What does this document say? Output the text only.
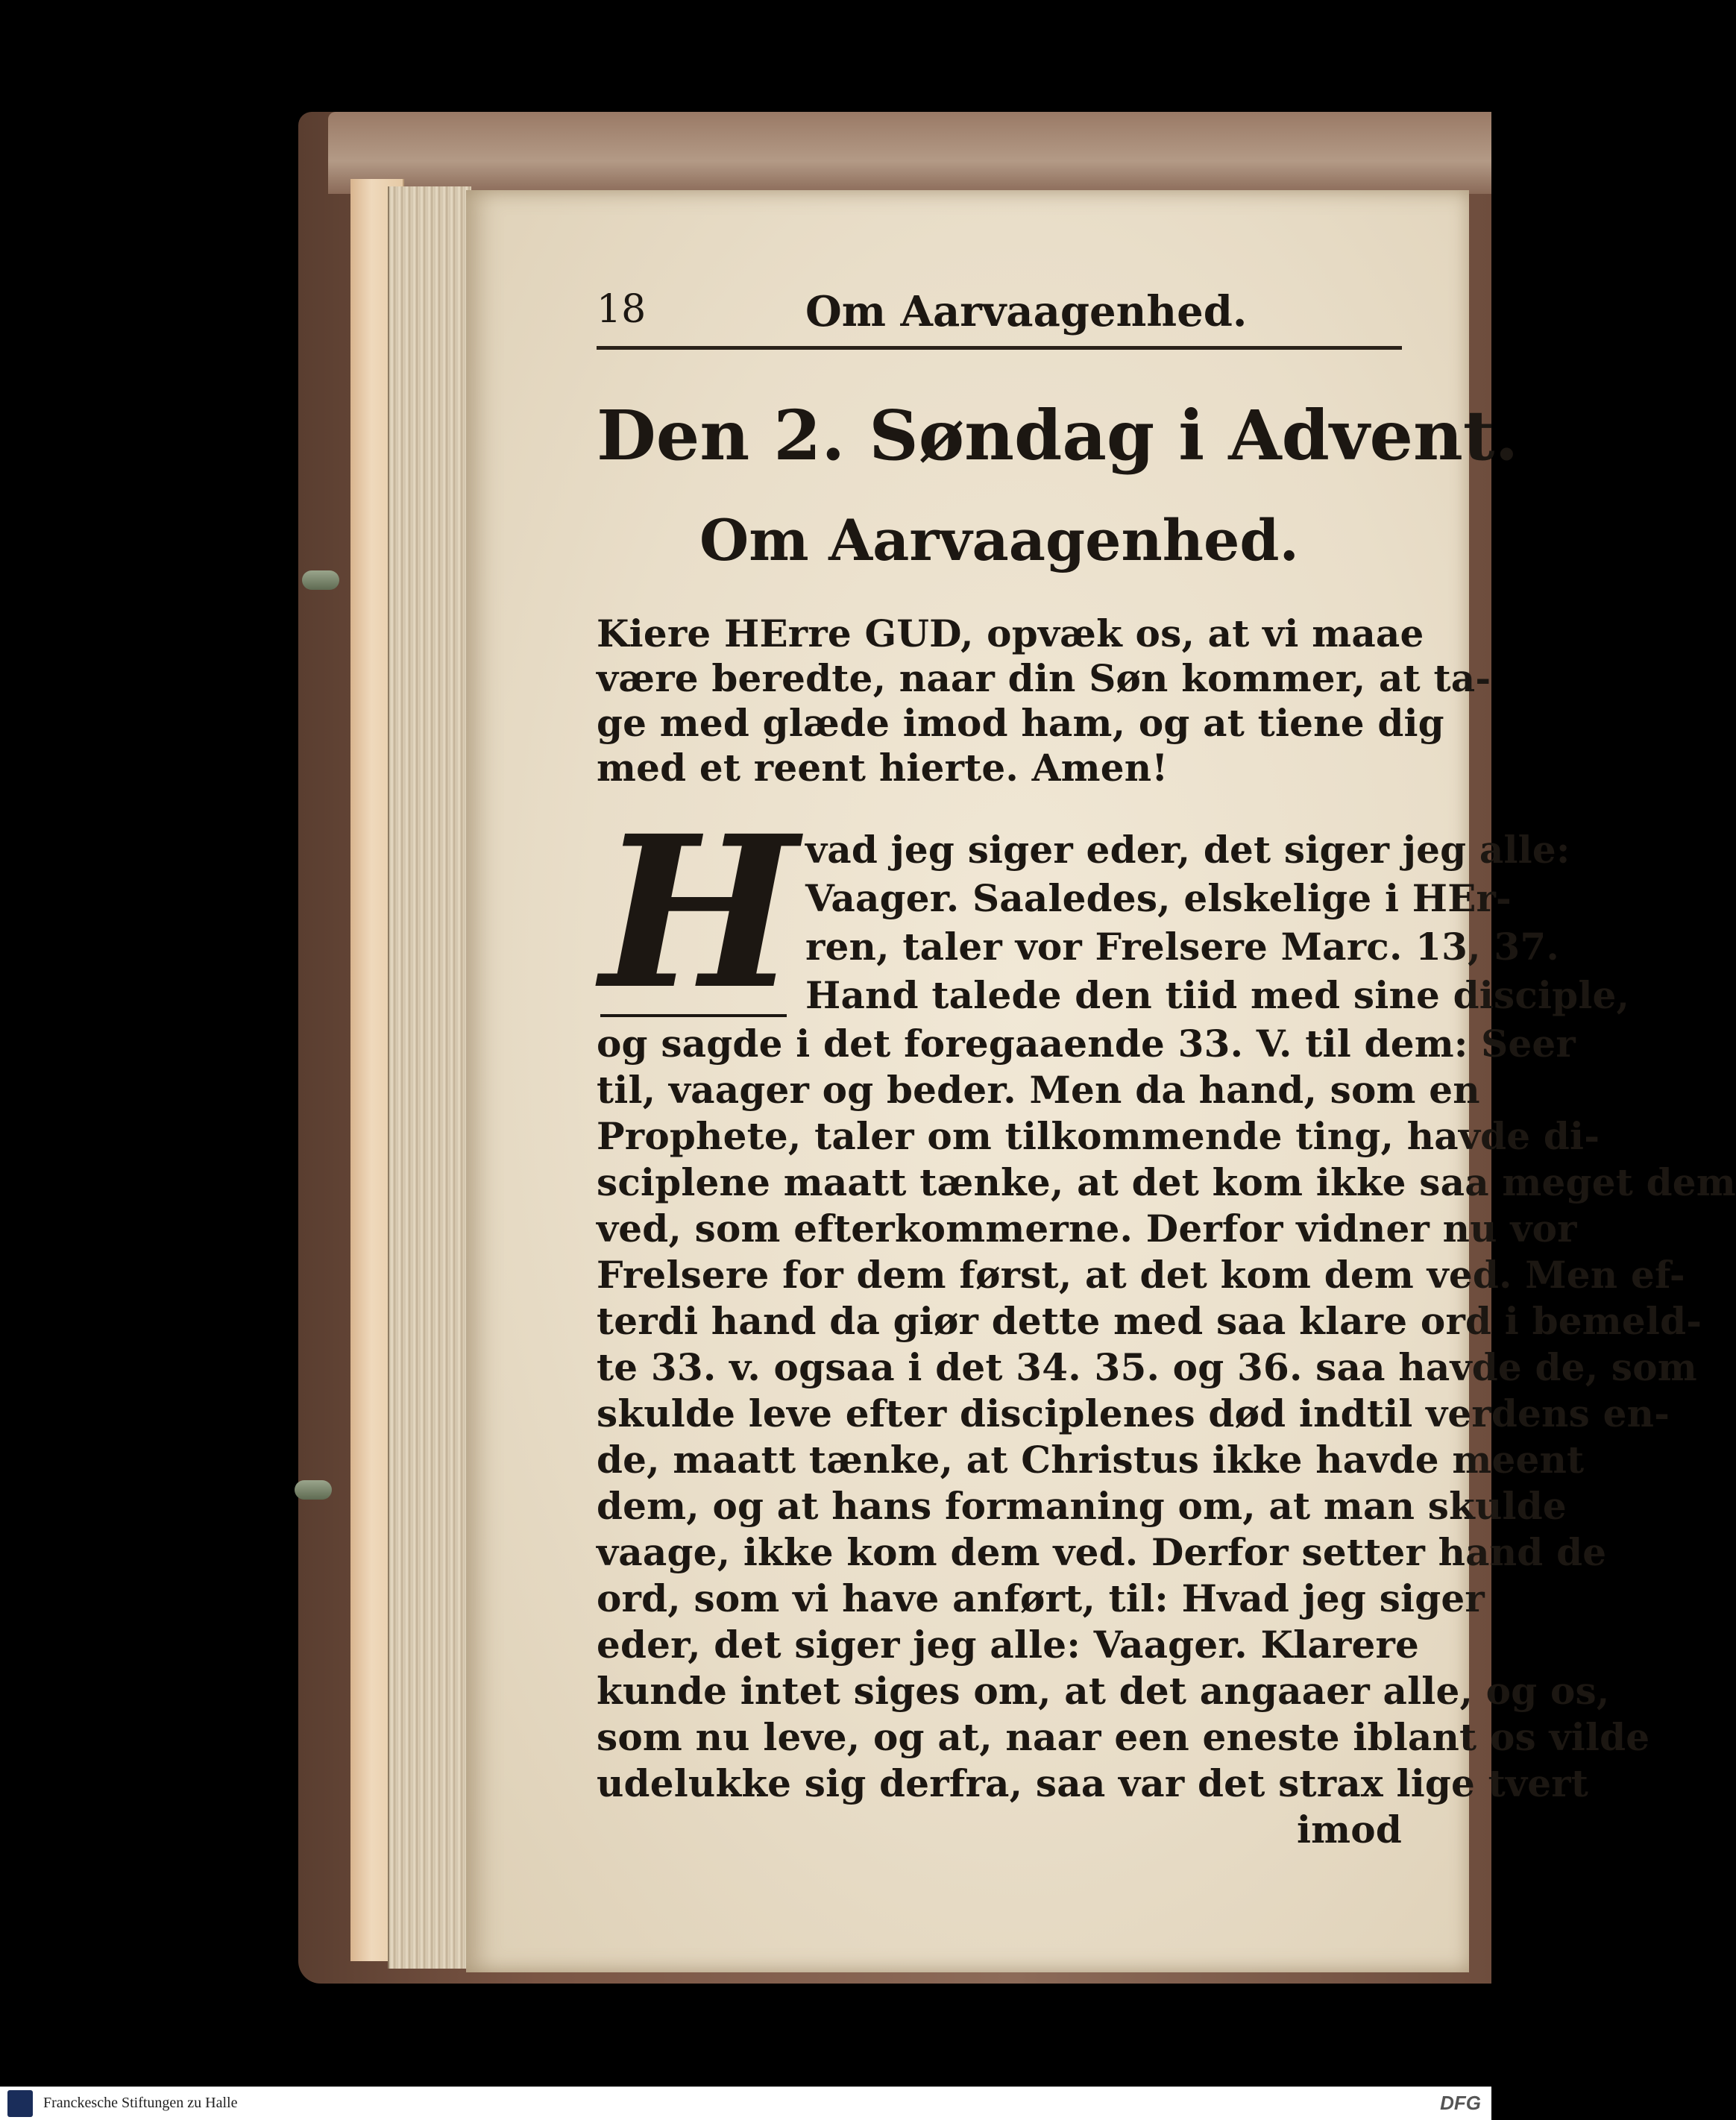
18	Om Aarvaagenhed.
Den 2. Søndag i Advent.
Om Aarvaagenhed.
Kiere HErre GUD, opvæk os, at vi maae
være beredte, naar din Søn kommer, at ta-
ge med glæde imod ham, og at tiene dig
med et reent hierte. Amen!
H vad jeg siger eder, det siger jeg alle:
Vaager. Saaledes, elskelige i HEr-
ren, taler vor Frelsere Marc. 13, 37.
Hand talede den tiid med sine disciple,
og sagde i det foregaaende 33. V. til dem: Seer
til, vaager og beder. Men da hand, som en
Prophete, taler om tilkommende ting, havde di-
sciplene maatt tænke, at det kom ikke saa meget dem
ved, som efterkommerne. Derfor vidner nu vor
Frelsere for dem først, at det kom dem ved. Men ef-
terdi hand da giør dette med saa klare ord i bemeld-
te 33. v. ogsaa i det 34. 35. og 36. saa havde de, som
skulde leve efter disciplenes død indtil verdens en-
de, maatt tænke, at Christus ikke havde meent
dem, og at hans formaning om, at man skulde
vaage, ikke kom dem ved. Derfor setter hand de
ord, som vi have anført, til: Hvad jeg siger
eder, det siger jeg alle: Vaager. Klarere
kunde intet siges om, at det angaaer alle, og os,
som nu leve, og at, naar een eneste iblant os vilde
udelukke sig derfra, saa var det strax lige tvert
imod
Franckesche Stiftungen zu Halle	DFG
